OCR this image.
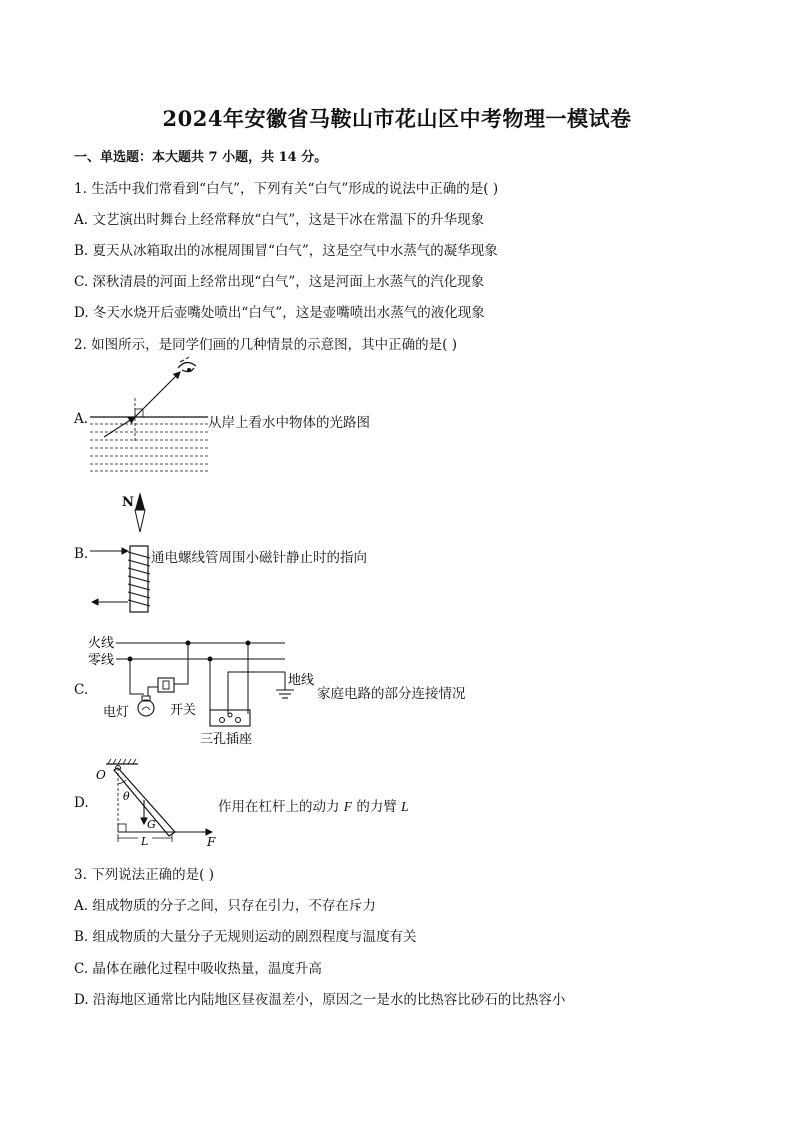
2024年安徽省马鞍山市花山区中考物理一模试卷
一、单选题：本大题共 7 小题，共 14 分。
1. 生活中我们常看到“白气”，下列有关“白气”形成的说法中正确的是( )
A. 文艺演出时舞台上经常释放“白气”，这是干冰在常温下的升华现象
B. 夏天从冰箱取出的冰棍周围冒“白气”，这是空气中水蒸气的凝华现象
C. 深秋清晨的河面上经常出现“白气”，这是河面上水蒸气的汽化现象
D. 冬天水烧开后壶嘴处喷出“白气”，这是壶嘴喷出水蒸气的液化现象
2. 如图所示，是同学们画的几种情景的示意图，其中正确的是( )
A.	从岸上看水中物体的光路图
N
B.	通电螺线管周围小磁针静止时的指向
C.
火线
零线
电灯	开关
三孔插座
地线
家庭电路的部分连接情况
D.
O
θ
G
L	F
作用在杠杆上的动力 F 的力臂 L
3. 下列说法正确的是( )
A. 组成物质的分子之间，只存在引力，不存在斥力
B. 组成物质的大量分子无规则运动的剧烈程度与温度有关
C. 晶体在融化过程中吸收热量，温度升高
D. 沿海地区通常比内陆地区昼夜温差小，原因之一是水的比热容比砂石的比热容小
